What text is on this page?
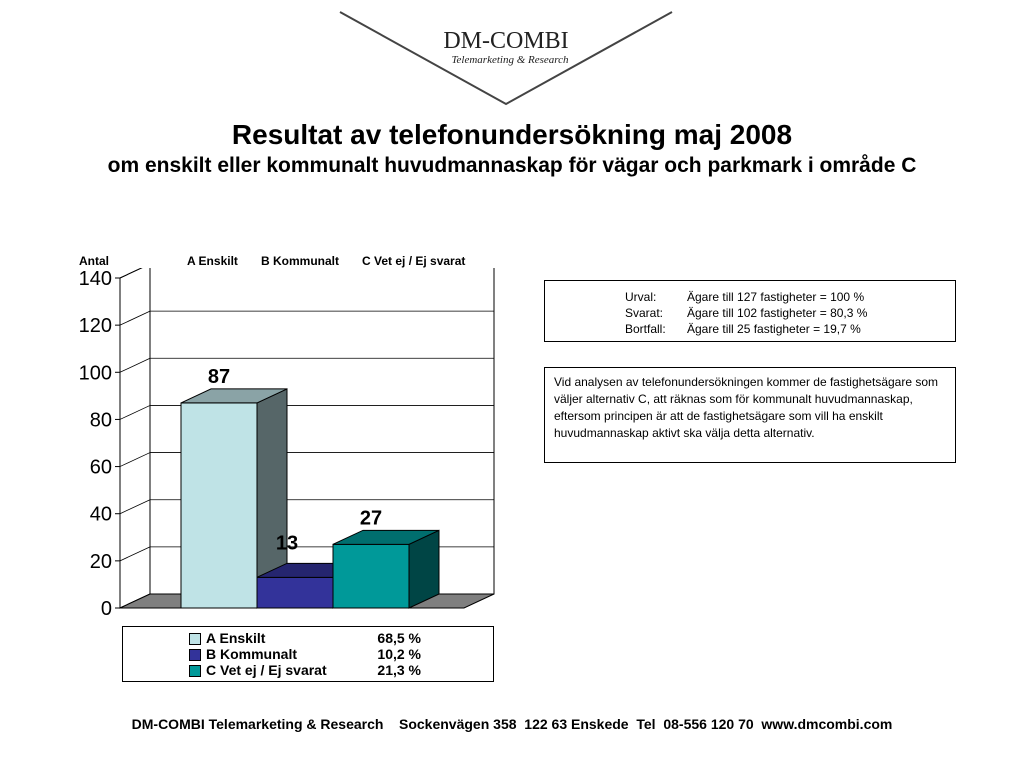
DM-COMBI
Telemarketing & Research
Resultat av telefonundersökning maj 2008
om enskilt eller kommunalt huvudmannaskap för vägar och parkmark i område C
Antal	A Enskilt B Kommunalt C Vet ej / Ej svarat
0
20
40
60
80
100
120
140
87
13
27
A Enskilt	68,5 %
B Kommunalt	10,2 %
C Vet ej / Ej svarat	21,3 %
Urval:	Ägare till 127 fastigheter = 100 %
Svarat: Ägare till 102 fastigheter = 80,3 %
Bortfall: Ägare till 25 fastigheter = 19,7 %
Vid analysen av telefonundersökningen kommer de fastighetsägare som väljer alternativ C, att räknas som för kommunalt huvudmannaskap, eftersom principen är att de fastighetsägare som vill ha enskilt huvudmannaskap aktivt ska välja detta alternativ.
DM-COMBI Telemarketing & Research    Sockenvägen 358  122 63 Enskede  Tel  08-556 120 70  www.dmcombi.com
